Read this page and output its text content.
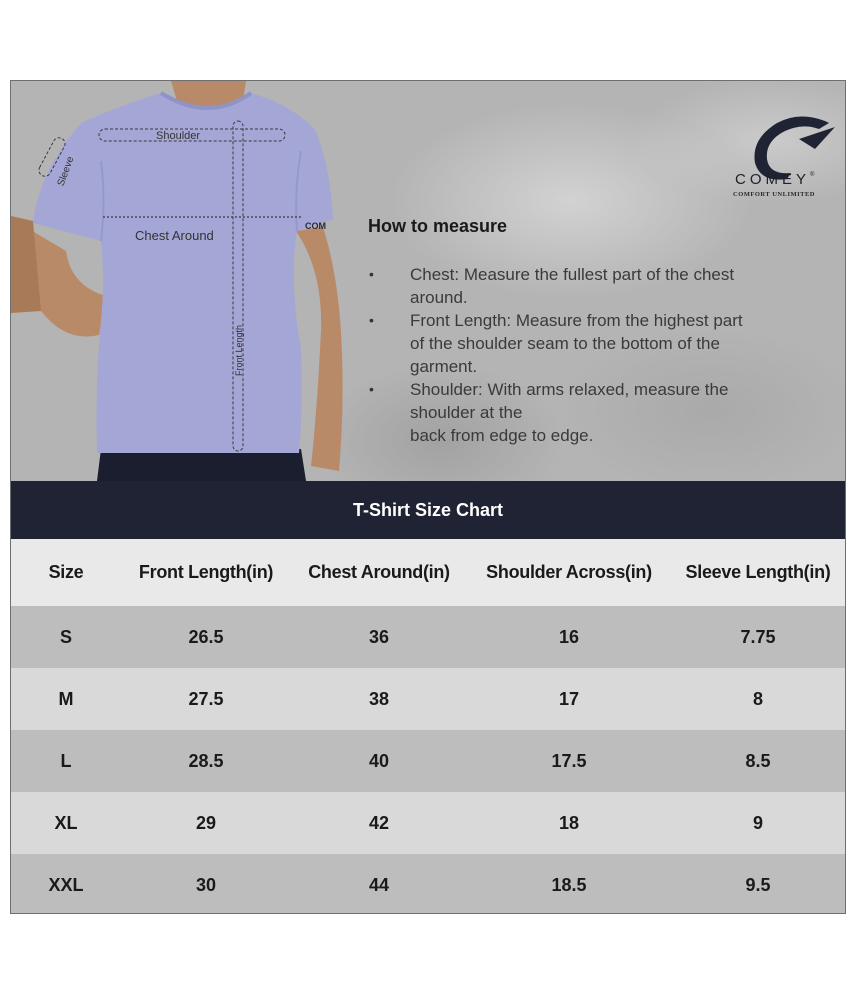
Shoulder
Sleeve
Chest Around
Front Length
COM
COMEY®
COMFORT UNLIMITED
How to measure
• Chest: Measure the fullest part of the chest
around.
• Front Length: Measure from the highest part
of the shoulder seam to the bottom of the
garment.
• Shoulder: With arms relaxed, measure the
shoulder at the
back from edge to edge.
T-Shirt Size Chart
Size	Front Length(in)	Chest Around(in)	Shoulder Across(in)	Sleeve Length(in)
S	26.5	36	16	7.75
M	27.5	38	17	8
L	28.5	40	17.5	8.5
XL	29	42	18	9
XXL	30	44	18.5	9.5
